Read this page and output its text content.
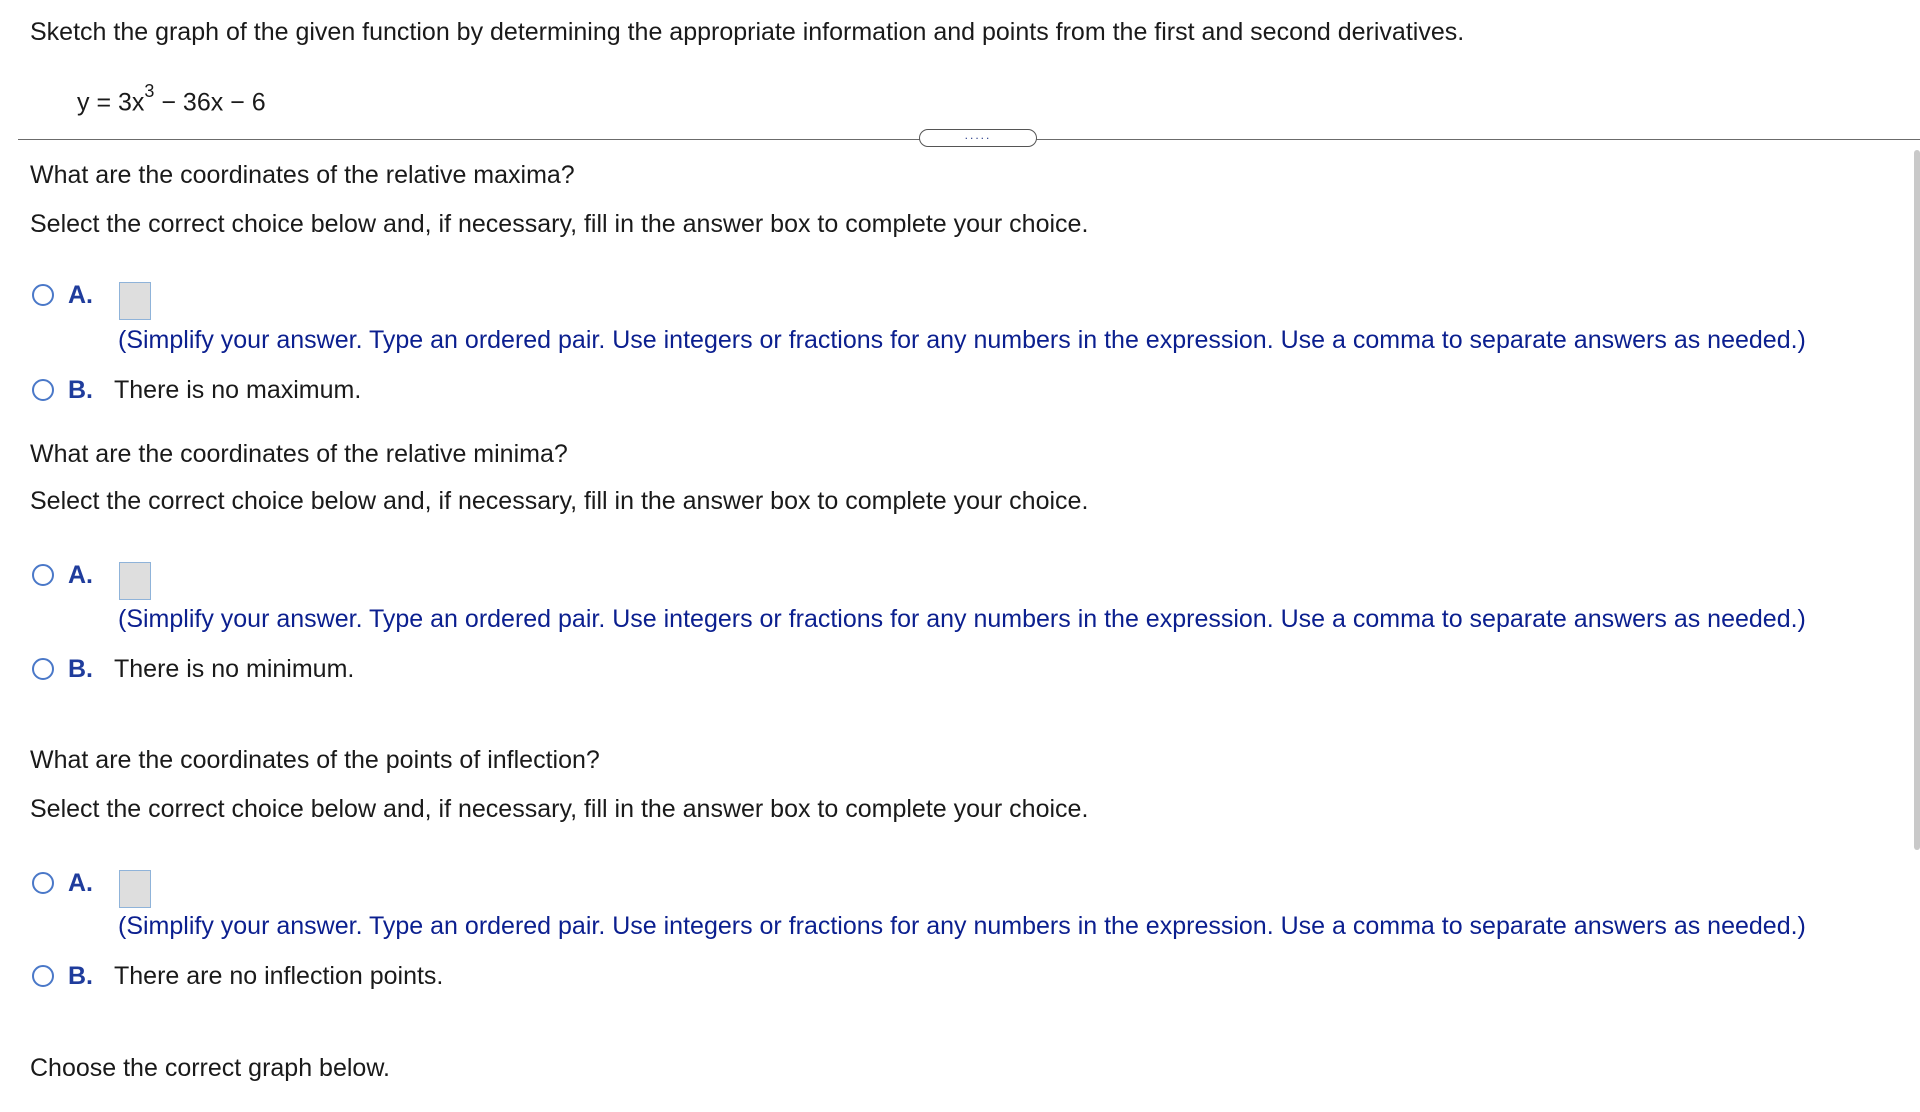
Sketch the graph of the given function by determining the appropriate information and points from the first and second derivatives.
$y = 3x^3 - 36x - 6$
.....
What are the coordinates of the relative maxima?
Select the correct choice below and, if necessary, fill in the answer box to complete your choice.
A.
(Simplify your answer. Type an ordered pair. Use integers or fractions for any numbers in the expression. Use a comma to separate answers as needed.)
B. There is no maximum.
What are the coordinates of the relative minima?
Select the correct choice below and, if necessary, fill in the answer box to complete your choice.
A.
(Simplify your answer. Type an ordered pair. Use integers or fractions for any numbers in the expression. Use a comma to separate answers as needed.)
B. There is no minimum.
What are the coordinates of the points of inflection?
Select the correct choice below and, if necessary, fill in the answer box to complete your choice.
A.
(Simplify your answer. Type an ordered pair. Use integers or fractions for any numbers in the expression. Use a comma to separate answers as needed.)
B. There are no inflection points.
Choose the correct graph below.
